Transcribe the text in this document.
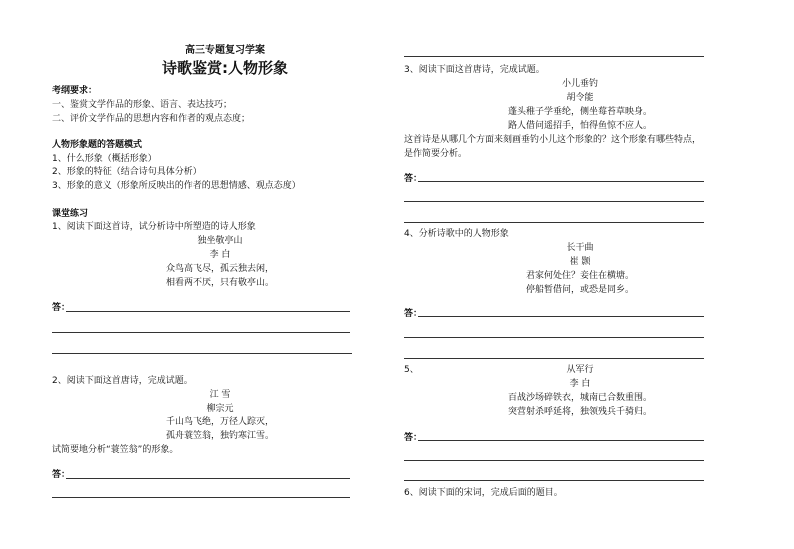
高三专题复习学案
诗歌鉴赏:人物形象
考纲要求：
一、鉴赏文学作品的形象、语言、表达技巧；
二、评价文学作品的思想内容和作者的观点态度；
人物形象题的答题模式
1、什么形象（概括形象）
2、形象的特征（结合诗句具体分析）
3、形象的意义（形象所反映出的作者的思想情感、观点态度）
课堂练习
1、阅读下面这首诗，试分析诗中所塑造的诗人形象
独坐敬亭山
李 白
众鸟高飞尽，孤云独去闲，
相看两不厌，只有敬亭山。
答：
2、阅读下面这首唐诗，完成试题。
江 雪
柳宗元
千山鸟飞绝，万径人踪灭，
孤舟蓑笠翁，独钓寒江雪。
试简要地分析“蓑笠翁”的形象。
答：
3、阅读下面这首唐诗，完成试题。
小儿垂钓
胡令能
蓬头稚子学垂纶，侧坐莓苔草映身。
路人借问遥招手，怕得鱼惊不应人。
这首诗是从哪几个方面来刻画垂钓小儿这个形象的？这个形象有哪些特点，
是作简要分析。
答：
4、分析诗歌中的人物形象
长干曲
崔 颢
君家何处住？妾住在横塘。
停船暂借问，或恐是同乡。
答：
5、	从军行
李 白
百战沙场碎铁衣，城南已合数重围。
突营射杀呼延将，独领残兵千骑归。
答：
6、阅读下面的宋词，完成后面的题目。
